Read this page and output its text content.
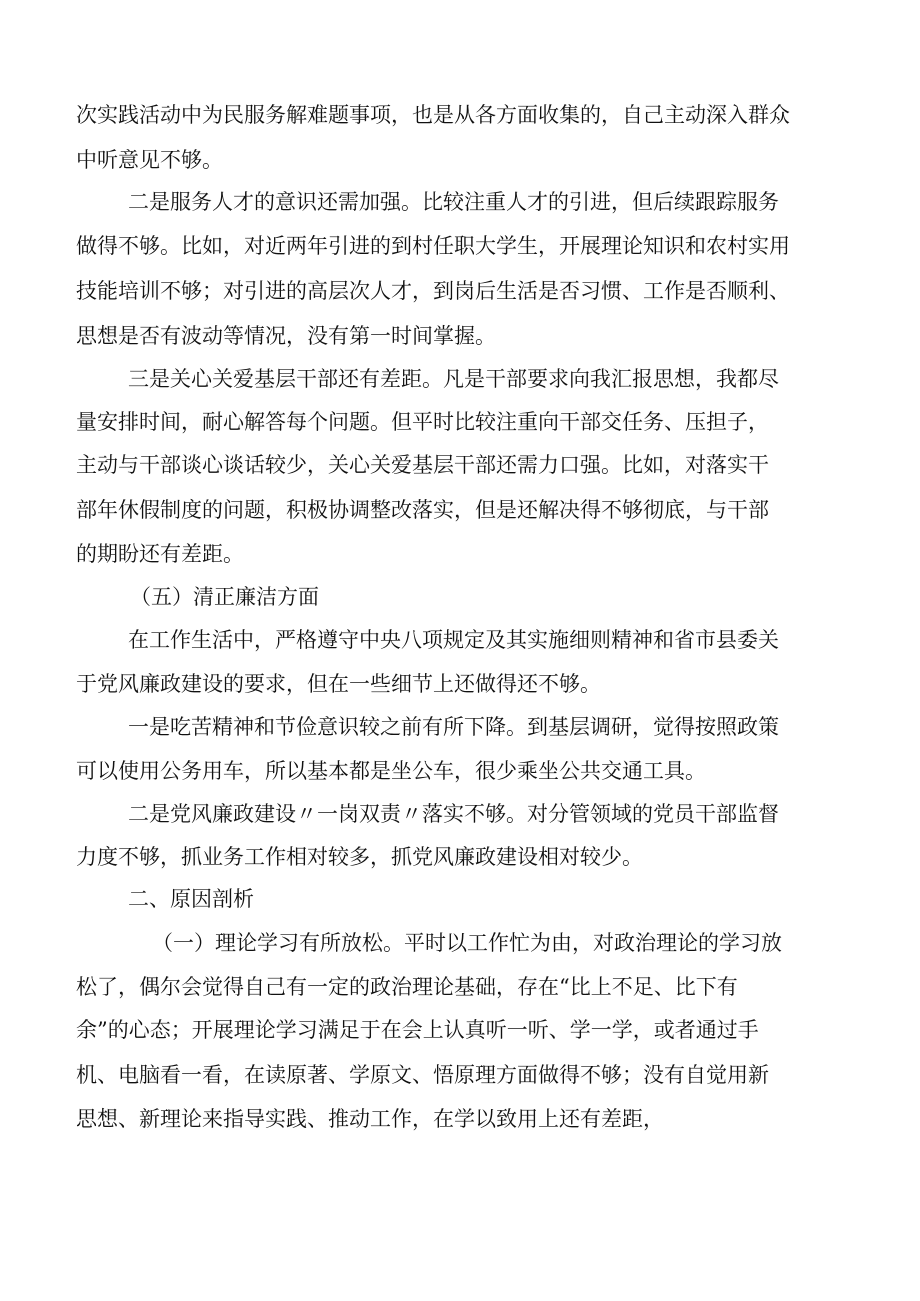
次实践活动中为民服务解难题事项，也是从各方面收集的，自己主动深入群众
中听意见不够。
二是服务人才的意识还需加强。比较注重人才的引进，但后续跟踪服务
做得不够。比如，对近两年引进的到村任职大学生，开展理论知识和农村实用
技能培训不够；对引进的高层次人才，到岗后生活是否习惯、工作是否顺利、
思想是否有波动等情况，没有第一时间掌握。
三是关心关爱基层干部还有差距。凡是干部要求向我汇报思想，我都尽
量安排时间，耐心解答每个问题。但平时比较注重向干部交任务、压担子，
主动与干部谈心谈话较少，关心关爱基层干部还需力口强。比如，对落实干
部年休假制度的问题，积极协调整改落实，但是还解决得不够彻底，与干部
的期盼还有差距。
（五）清正廉洁方面
在工作生活中，严格遵守中央八项规定及其实施细则精神和省市县委关
于党风廉政建设的要求，但在一些细节上还做得还不够。
一是吃苦精神和节俭意识较之前有所下降。到基层调研，觉得按照政策
可以使用公务用车，所以基本都是坐公车，很少乘坐公共交通工具。
二是党风廉政建设〃一岗双责〃落实不够。对分管领域的党员干部监督
力度不够，抓业务工作相对较多，抓党风廉政建设相对较少。
二、原因剖析
（一）理论学习有所放松。平时以工作忙为由，对政治理论的学习放
松了，偶尔会觉得自己有一定的政治理论基础，存在“比上不足、比下有
余”的心态；开展理论学习满足于在会上认真听一听、学一学，或者通过手
机、电脑看一看，在读原著、学原文、悟原理方面做得不够；没有自觉用新
思想、新理论来指导实践、推动工作，在学以致用上还有差距，
